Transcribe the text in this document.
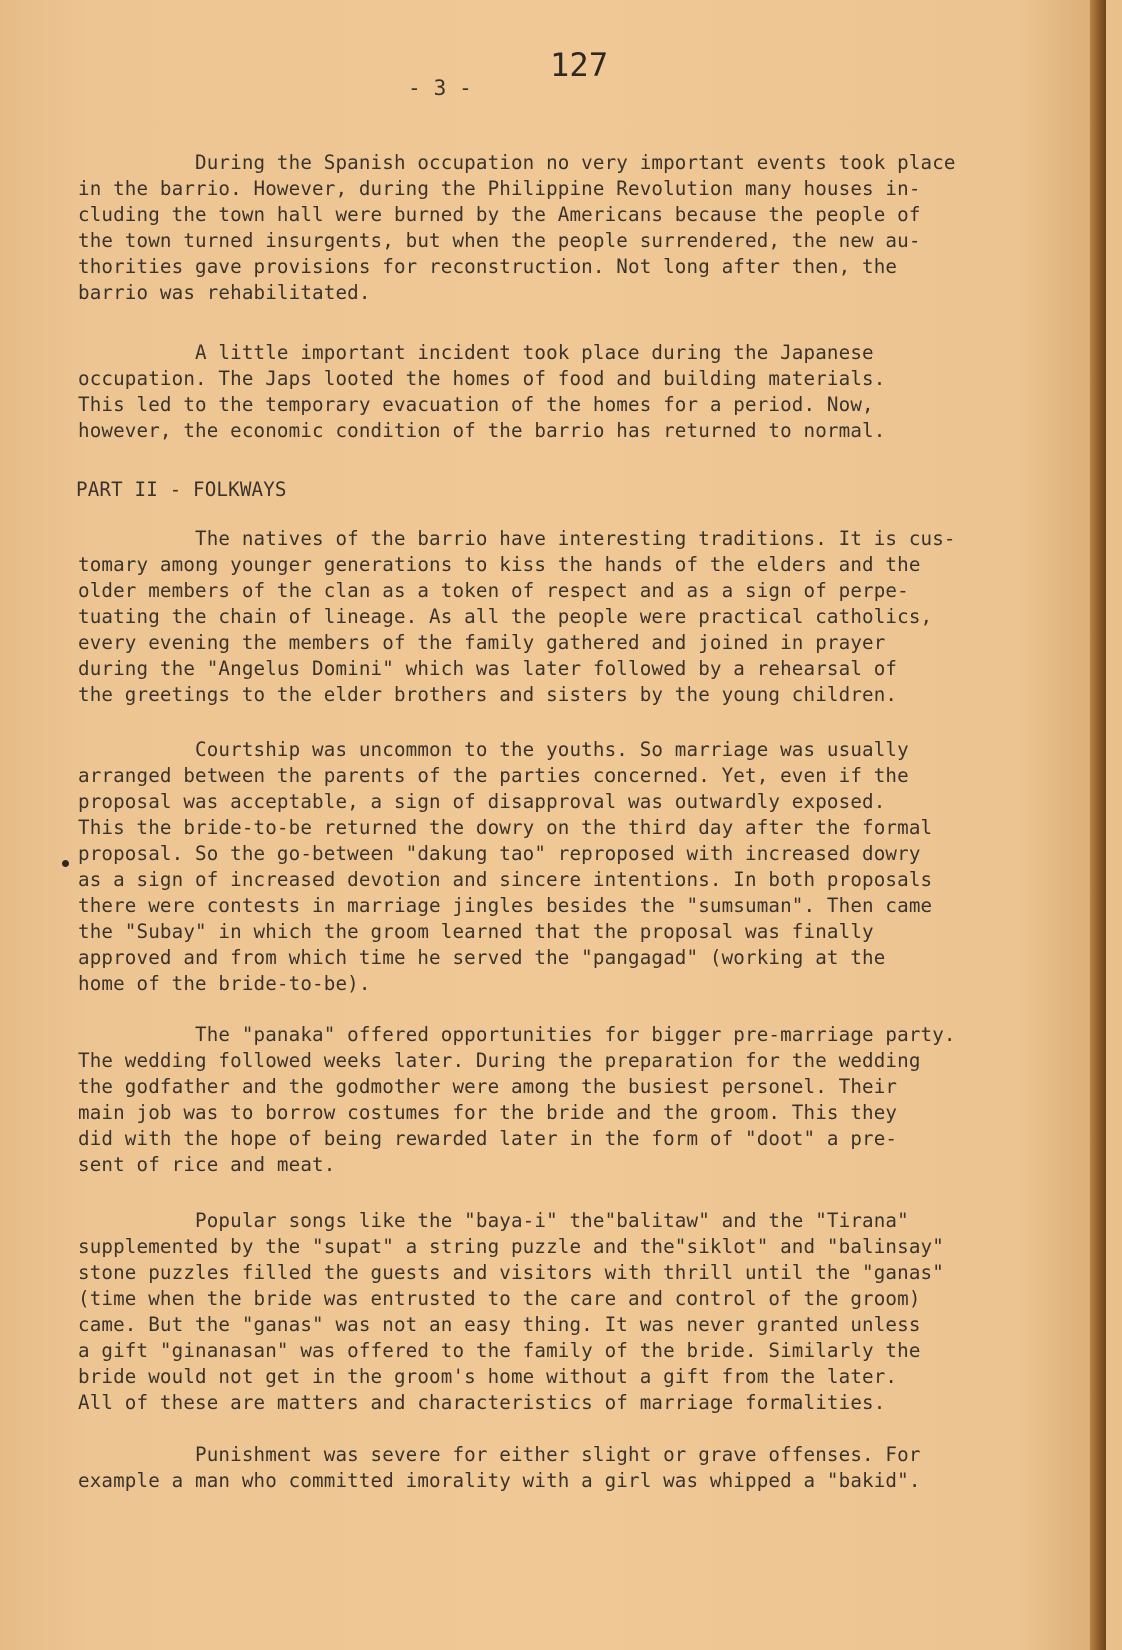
127
- 3 -
During the Spanish occupation no very important events took place
in the barrio. However, during the Philippine Revolution many houses in-
cluding the town hall were burned by the Americans because the people of
the town turned insurgents, but when the people surrendered, the new au-
thorities gave provisions for reconstruction. Not long after then, the
barrio was rehabilitated.
A little important incident took place during the Japanese
occupation. The Japs looted the homes of food and building materials.
This led to the temporary evacuation of the homes for a period. Now,
however, the economic condition of the barrio has returned to normal.
PART II - FOLKWAYS
The natives of the barrio have interesting traditions. It is cus-
tomary among younger generations to kiss the hands of the elders and the
older members of the clan as a token of respect and as a sign of perpe-
tuating the chain of lineage. As all the people were practical catholics,
every evening the members of the family gathered and joined in prayer
during the "Angelus Domini" which was later followed by a rehearsal of
the greetings to the elder brothers and sisters by the young children.
Courtship was uncommon to the youths. So marriage was usually
arranged between the parents of the parties concerned. Yet, even if the
proposal was acceptable, a sign of disapproval was outwardly exposed.
This the bride-to-be returned the dowry on the third day after the formal
proposal. So the go-between "dakung tao" reproposed with increased dowry
as a sign of increased devotion and sincere intentions. In both proposals
there were contests in marriage jingles besides the "sumsuman". Then came
the "Subay" in which the groom learned that the proposal was finally
approved and from which time he served the "pangagad" (working at the
home of the bride-to-be).
The "panaka" offered opportunities for bigger pre-marriage party.
The wedding followed weeks later. During the preparation for the wedding
the godfather and the godmother were among the busiest personel. Their
main job was to borrow costumes for the bride and the groom. This they
did with the hope of being rewarded later in the form of "doot" a pre-
sent of rice and meat.
Popular songs like the "baya-i" the"balitaw" and the "Tirana"
supplemented by the "supat" a string puzzle and the"siklot" and "balinsay"
stone puzzles filled the guests and visitors with thrill until the "ganas"
(time when the bride was entrusted to the care and control of the groom)
came. But the "ganas" was not an easy thing. It was never granted unless
a gift "ginanasan" was offered to the family of the bride. Similarly the
bride would not get in the groom's home without a gift from the later.
All of these are matters and characteristics of marriage formalities.
Punishment was severe for either slight or grave offenses. For
example a man who committed imorality with a girl was whipped a "bakid".
